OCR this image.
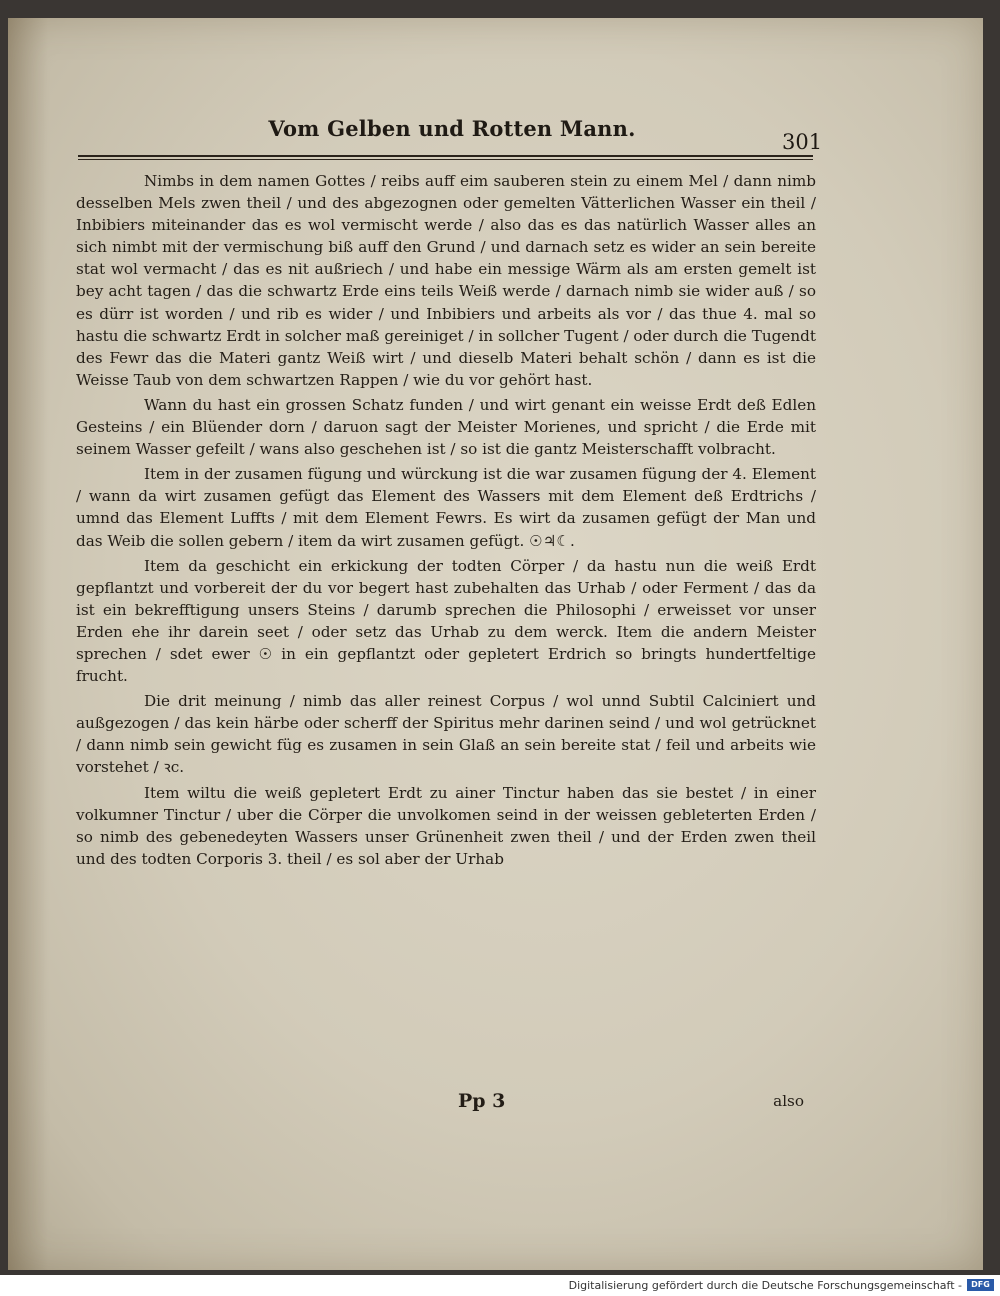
Vom Gelben und Rotten Mann.
301

Nimbs in dem namen Gottes / reibs auff eim sauberen stein zu einem Mel / dann nimb desselben Mels zwen theil / und des abgezognen oder gemelten Vätterlichen Wasser ein theil / Inbibiers miteinander das es wol vermischt werde / also das es das natürlich Wasser alles an sich nimbt mit der vermischung biß auff den Grund / und darnach setz es wider an sein bereite stat wol vermacht / das es nit außriech / und habe ein messige Wärm als am ersten gemelt ist bey acht tagen / das die schwartz Erde eins teils Weiß werde / darnach nimb sie wider auß / so es dürr ist worden / und rib es wider / und Inbibiers und arbeits als vor / das thue 4. mal so hastu die schwartz Erdt in solcher maß gereiniget / in sollcher Tugent / oder durch die Tugendt des Fewr das die Materi gantz Weiß wirt / und dieselb Materi behalt schön / dann es ist die Weisse Taub von dem schwartzen Rappen / wie du vor gehört hast.

Wann du hast ein grossen Schatz funden / und wirt genant ein weisse Erdt deß Edlen Gesteins / ein Blüender dorn / daruon sagt der Meister Morienes, und spricht / die Erde mit seinem Wasser gefeilt / wans also geschehen ist / so ist die gantz Meisterschafft volbracht.

Item in der zusamen fügung und würckung ist die war zusamen fügung der 4. Element / wann da wirt zusamen gefügt das Element des Wassers mit dem Element deß Erdtrichs / umnd das Element Luffts / mit dem Element Fewrs. Es wirt da zusamen gefügt der Man und das Weib die sollen gebern / item da wirt zusamen gefügt. ☉♃☾.

Item da geschicht ein erkickung der todten Cörper / da hastu nun die weiß Erdt gepflantzt und vorbereit der du vor begert hast zubehalten das Urhab / oder Ferment / das da ist ein bekrefftigung unsers Steins / darumb sprechen die Philosophi / erweisset vor unser Erden ehe ihr darein seet / oder setz das Urhab zu dem werck. Item die andern Meister sprechen / sdet ewer ☉ in ein gepflantzt oder gepletert Erdrich so bringts hundertfeltige frucht.

Die drit meinung / nimb das aller reinest Corpus / wol unnd Subtil Calciniert und außgezogen / das kein härbe oder scherff der Spiritus mehr darinen seind / und wol getrücknet / dann nimb sein gewicht füg es zusamen in sein Glaß an sein bereite stat / feil und arbeits wie vorstehet / ꝛc.

Item wiltu die weiß gepletert Erdt zu ainer Tinctur haben das sie bestet / in einer volkumner Tinctur / uber die Cörper die unvolkomen seind in der weissen gebleterten Erden / so nimb des gebenedeyten Wassers unser Grünenheit zwen theil / und der Erden zwen theil und des todten Corporis 3. theil / es sol aber der Urhab

Pp 3	also
Digitalisierung gefördert durch die Deutsche Forschungsgemeinschaft -	DFG
